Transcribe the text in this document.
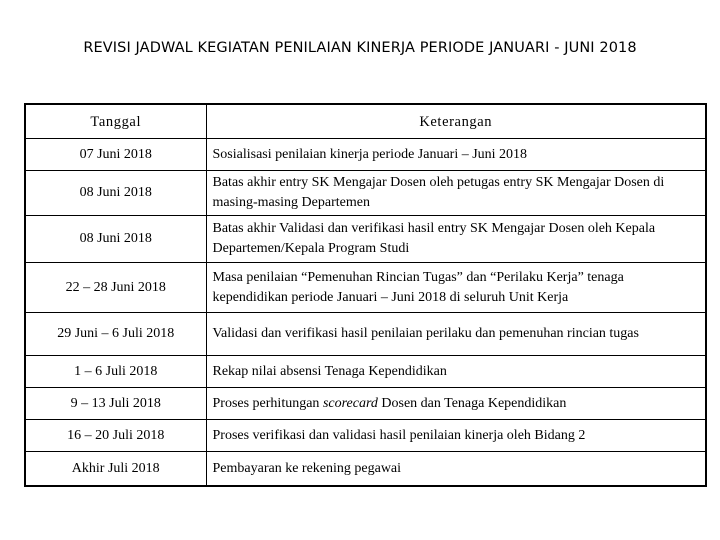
REVISI JADWAL KEGIATAN PENILAIAN KINERJA PERIODE JANUARI - JUNI 2018
Tanggal	Keterangan
07 Juni 2018	Sosialisasi penilaian kinerja periode Januari – Juni 2018
08 Juni 2018	Batas akhir entry SK Mengajar Dosen oleh petugas entry SK Mengajar Dosen di masing-masing Departemen
08 Juni 2018	Batas akhir Validasi dan verifikasi hasil entry SK Mengajar Dosen oleh Kepala Departemen/Kepala Program Studi
22 – 28 Juni 2018	Masa penilaian “Pemenuhan Rincian Tugas” dan “Perilaku Kerja” tenaga kependidikan periode Januari – Juni 2018 di seluruh Unit Kerja
29 Juni – 6 Juli 2018	Validasi dan verifikasi hasil penilaian perilaku dan pemenuhan rincian tugas
1 – 6 Juli 2018	Rekap nilai absensi Tenaga Kependidikan
9 – 13 Juli 2018	Proses perhitungan scorecard Dosen dan Tenaga Kependidikan
16 – 20 Juli 2018	Proses verifikasi dan validasi hasil penilaian kinerja oleh Bidang 2
Akhir Juli 2018	Pembayaran ke rekening pegawai
